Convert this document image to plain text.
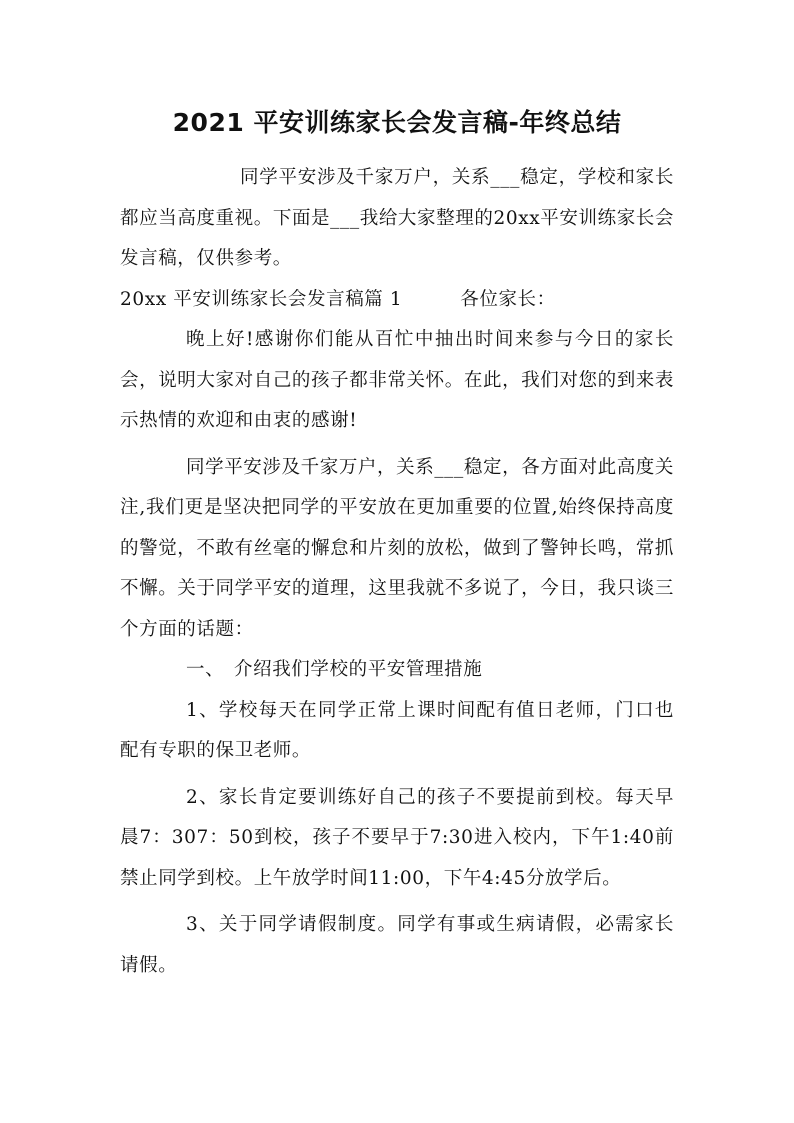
2021 平安训练家长会发言稿-年终总结

同学平安涉及千家万户，关系___稳定，学校和家长都应当高度重视。下面是___我给大家整理的20xx平安训练家长会发言稿，仅供参考。

20xx 平安训练家长会发言稿篇 1	各位家长：

晚上好!感谢你们能从百忙中抽出时间来参与今日的家长会，说明大家对自己的孩子都非常关怀。在此，我们对您的到来表示热情的欢迎和由衷的感谢!

同学平安涉及千家万户，关系___稳定，各方面对此高度关注,我们更是坚决把同学的平安放在更加重要的位置,始终保持高度的警觉，不敢有丝毫的懈怠和片刻的放松，做到了警钟长鸣，常抓不懈。关于同学平安的道理，这里我就不多说了，今日，我只谈三个方面的话题：

一、 介绍我们学校的平安管理措施

1、学校每天在同学正常上课时间配有值日老师，门口也配有专职的保卫老师。

2、家长肯定要训练好自己的孩子不要提前到校。每天早晨7：307：50到校，孩子不要早于7:30进入校内，下午1:40前禁止同学到校。上午放学时间11:00，下午4:45分放学后。

3、关于同学请假制度。同学有事或生病请假，必需家长请假。
